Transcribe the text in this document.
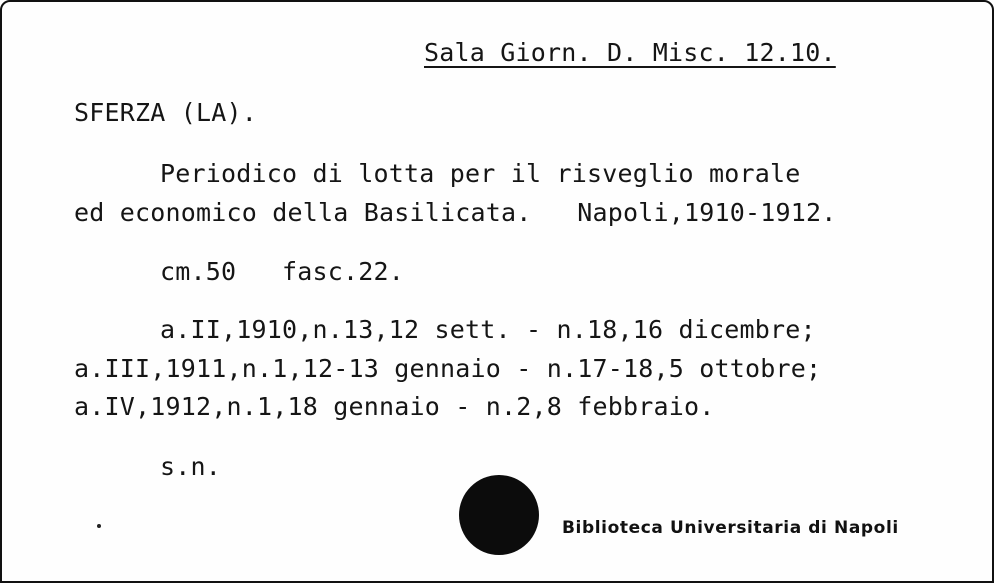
Sala Giorn. D. Misc. 12.10.
SFERZA (LA).
Periodico di lotta per il risveglio morale
ed economico della Basilicata.   Napoli,1910-1912.
cm.50   fasc.22.
a.II,1910,n.13,12 sett. - n.18,16 dicembre;
a.III,1911,n.1,12-13 gennaio - n.17-18,5 ottobre;
a.IV,1912,n.1,18 gennaio - n.2,8 febbraio.
s.n.
Biblioteca Universitaria di Napoli
